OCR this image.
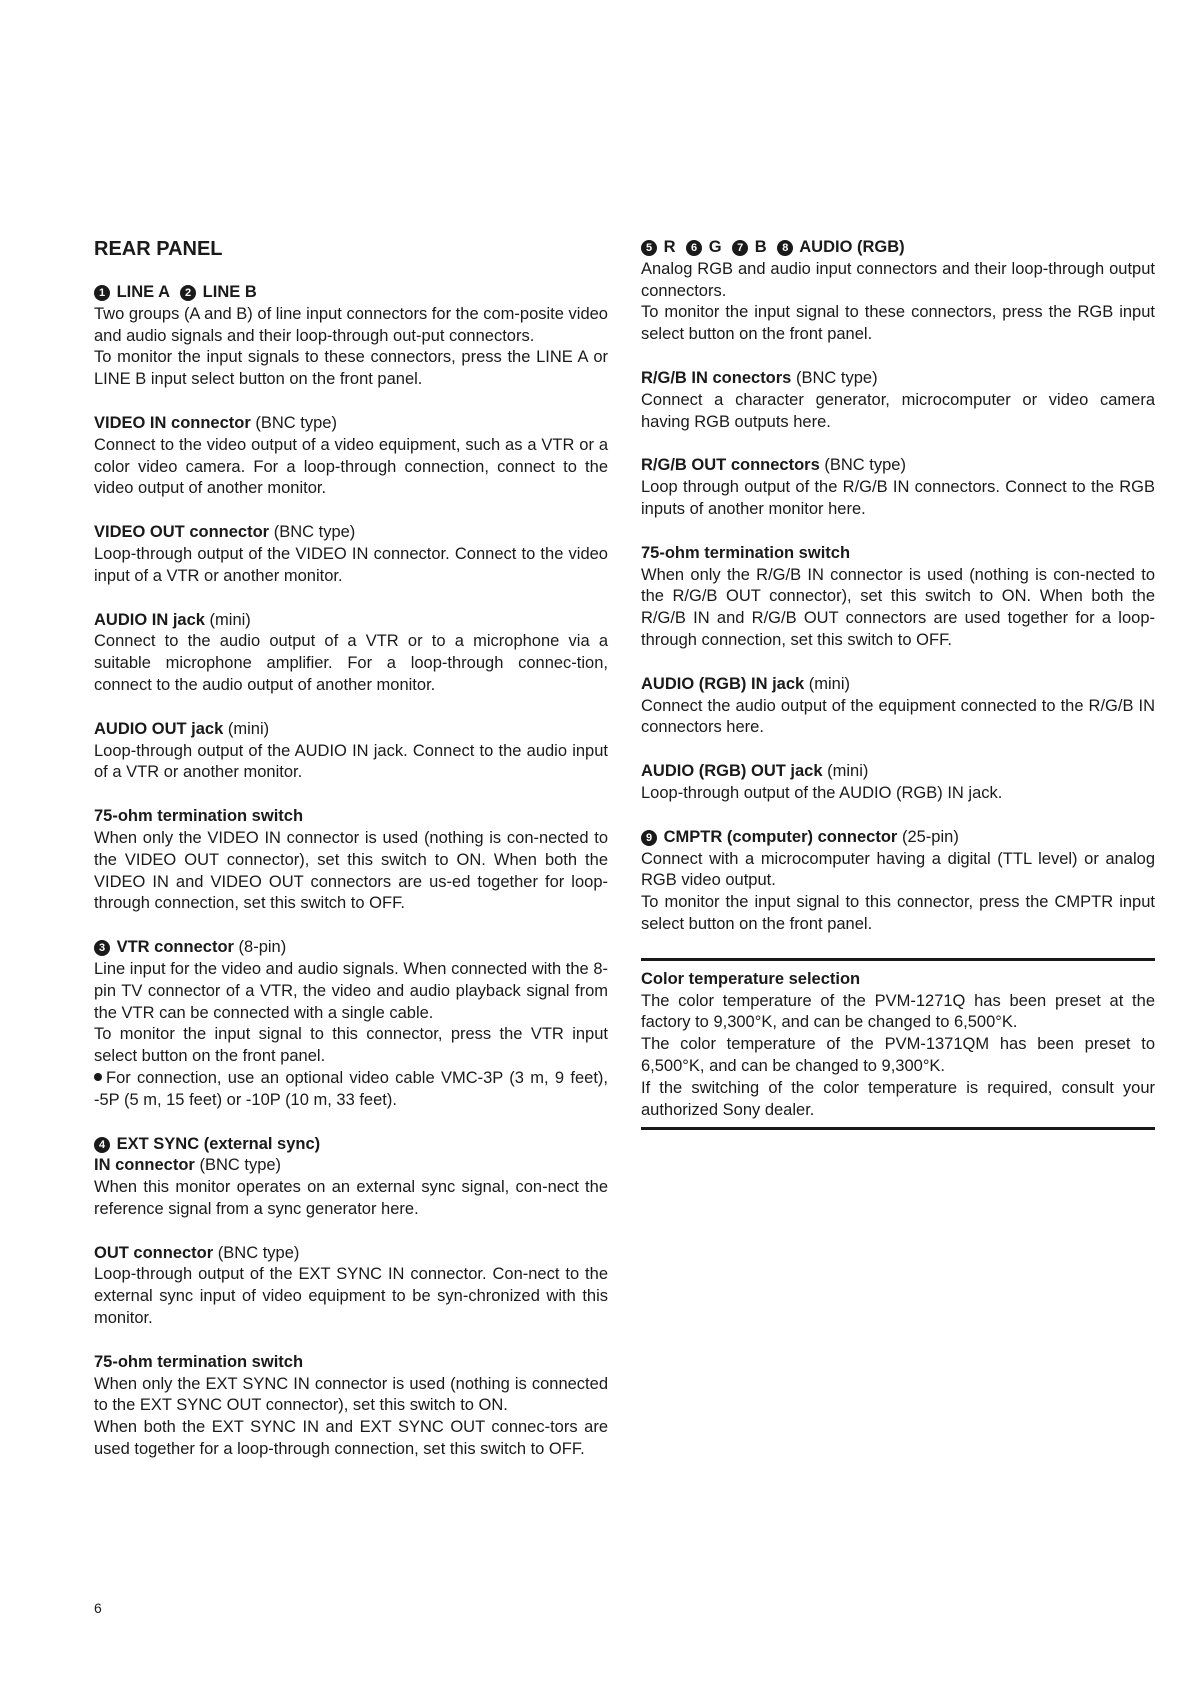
REAR PANEL

1 LINE A 2 LINE B

Two groups (A and B) of line input connectors for the com-posite video and audio signals and their loop-through out-put connectors.

To monitor the input signals to these connectors, press the LINE A or LINE B input select button on the front panel.

VIDEO IN connector (BNC type)

Connect to the video output of a video equipment, such as a VTR or a color video camera. For a loop-through connection, connect to the video output of another monitor.

VIDEO OUT connector (BNC type)

Loop-through output of the VIDEO IN connector. Connect to the video input of a VTR or another monitor.

AUDIO IN jack (mini)

Connect to the audio output of a VTR or to a microphone via a suitable microphone amplifier. For a loop-through connec-tion, connect to the audio output of another monitor.

AUDIO OUT jack (mini)

Loop-through output of the AUDIO IN jack. Connect to the audio input of a VTR or another monitor.

75-ohm termination switch

When only the VIDEO IN connector is used (nothing is con-nected to the VIDEO OUT connector), set this switch to ON. When both the VIDEO IN and VIDEO OUT connectors are us-ed together for loop-through connection, set this switch to OFF.

3 VTR connector (8-pin)

Line input for the video and audio signals. When connected with the 8-pin TV connector of a VTR, the video and audio playback signal from the VTR can be connected with a single cable.

To monitor the input signal to this connector, press the VTR input select button on the front panel.

For connection, use an optional video cable VMC-3P (3 m, 9 feet), -5P (5 m, 15 feet) or -10P (10 m, 33 feet).

4 EXT SYNC (external sync)

IN connector (BNC type)

When this monitor operates on an external sync signal, con-nect the reference signal from a sync generator here.

OUT connector (BNC type)

Loop-through output of the EXT SYNC IN connector. Con-nect to the external sync input of video equipment to be syn-chronized with this monitor.

75-ohm termination switch

When only the EXT SYNC IN connector is used (nothing is connected to the EXT SYNC OUT connector), set this switch to ON.

When both the EXT SYNC IN and EXT SYNC OUT connec-tors are used together for a loop-through connection, set this switch to OFF.

5 R 6 G 7 B 8 AUDIO (RGB)

Analog RGB and audio input connectors and their loop-through output connectors.

To monitor the input signal to these connectors, press the RGB input select button on the front panel.

R/G/B IN conectors (BNC type)

Connect a character generator, microcomputer or video camera having RGB outputs here.

R/G/B OUT connectors (BNC type)

Loop through output of the R/G/B IN connectors. Connect to the RGB inputs of another monitor here.

75-ohm termination switch

When only the R/G/B IN connector is used (nothing is con-nected to the R/G/B OUT connector), set this switch to ON. When both the R/G/B IN and R/G/B OUT connectors are used together for a loop-through connection, set this switch to OFF.

AUDIO (RGB) IN jack (mini)

Connect the audio output of the equipment connected to the R/G/B IN connectors here.

AUDIO (RGB) OUT jack (mini)

Loop-through output of the AUDIO (RGB) IN jack.

9 CMPTR (computer) connector (25-pin)

Connect with a microcomputer having a digital (TTL level) or analog RGB video output.

To monitor the input signal to this connector, press the CMPTR input select button on the front panel.

Color temperature selection

The color temperature of the PVM-1271Q has been preset at the factory to 9,300°K, and can be changed to 6,500°K.

The color temperature of the PVM-1371QM has been preset to 6,500°K, and can be changed to 9,300°K.

If the switching of the color temperature is required, consult your authorized Sony dealer.

6
